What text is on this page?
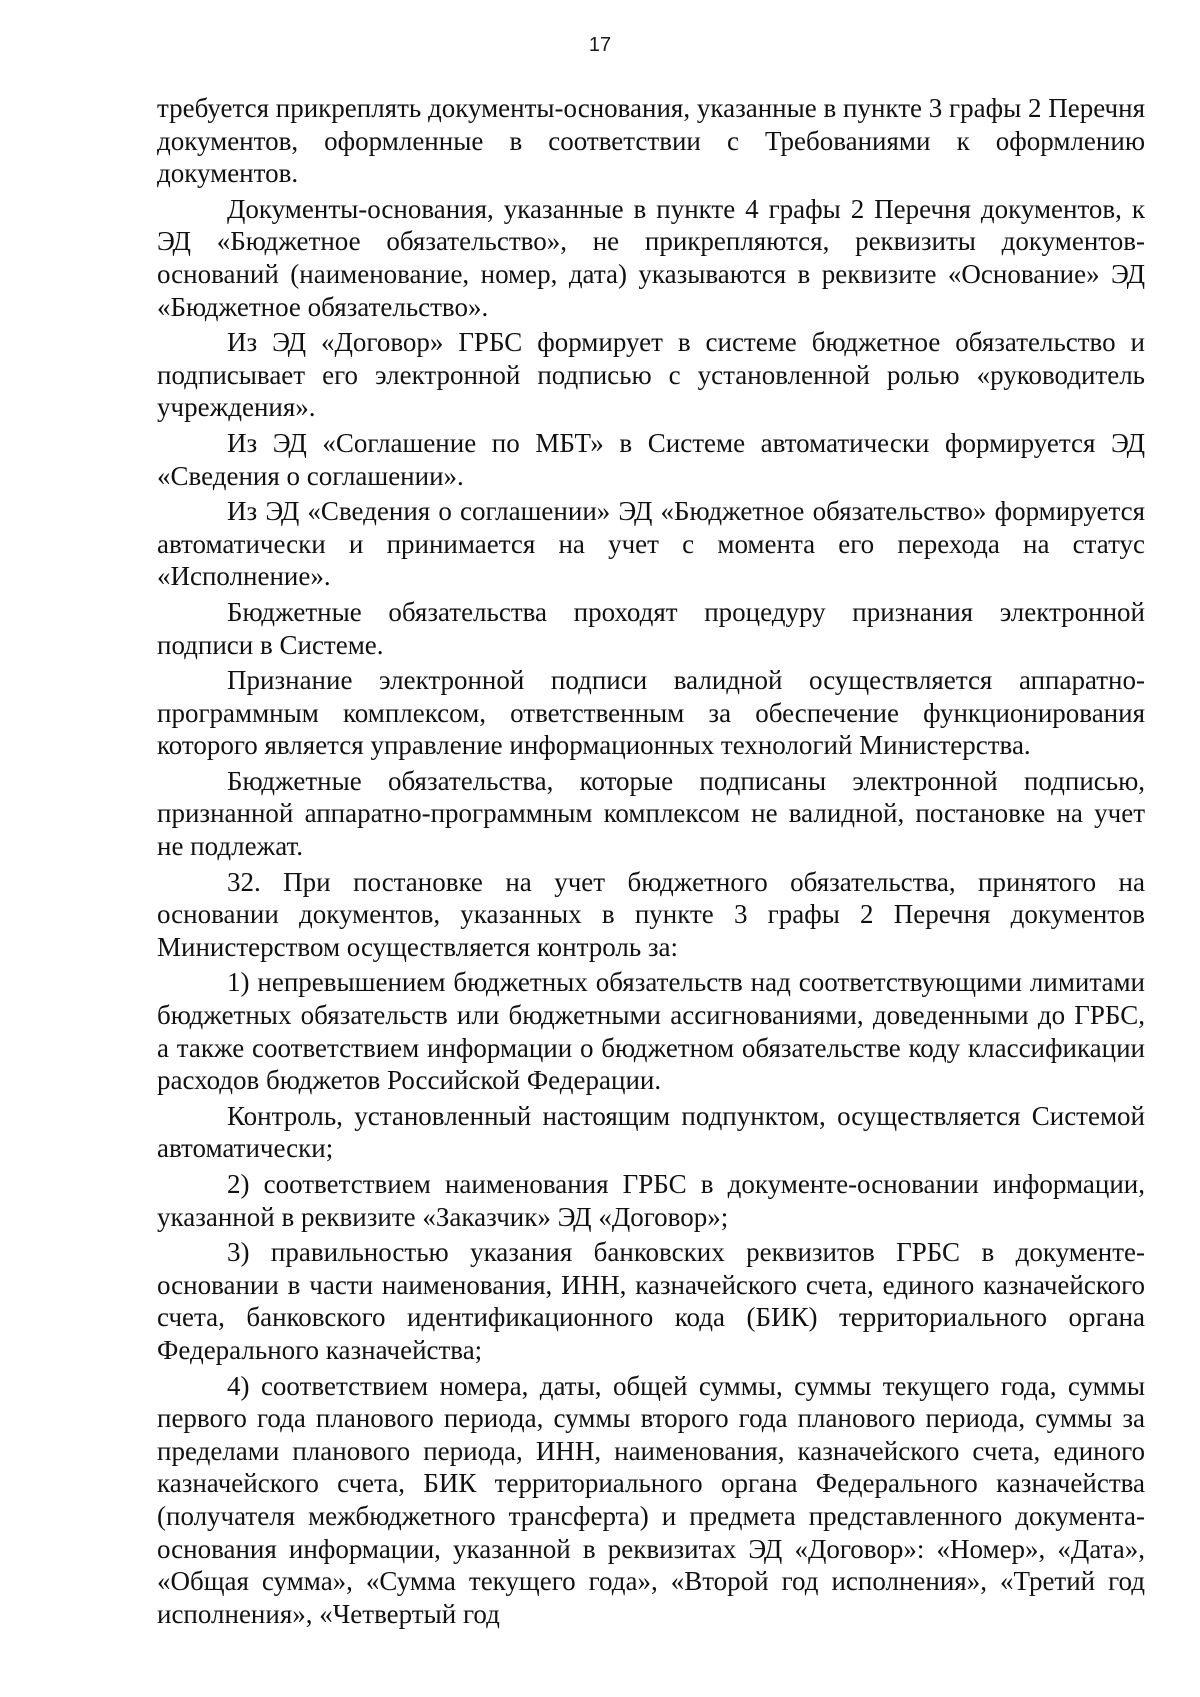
17

требуется прикреплять документы-основания, указанные в пункте 3 графы 2 Перечня документов, оформленные в соответствии с Требованиями к оформлению документов.

Документы-основания, указанные в пункте 4 графы 2 Перечня документов, к ЭД «Бюджетное обязательство», не прикрепляются, реквизиты документов-оснований (наименование, номер, дата) указываются в реквизите «Основание» ЭД «Бюджетное обязательство».

Из ЭД «Договор» ГРБС формирует в системе бюджетное обязательство и подписывает его электронной подписью с установленной ролью «руководитель учреждения».

Из ЭД «Соглашение по МБТ» в Системе автоматически формируется ЭД «Сведения о соглашении».

Из ЭД «Сведения о соглашении» ЭД «Бюджетное обязательство» формируется автоматически и принимается на учет с момента его перехода на статус «Исполнение».

Бюджетные обязательства проходят процедуру признания электронной подписи в Системе.

Признание электронной подписи валидной осуществляется аппаратно-программным комплексом, ответственным за обеспечение функционирования которого является управление информационных технологий Министерства.

Бюджетные обязательства, которые подписаны электронной подписью, признанной аппаратно-программным комплексом не валидной, постановке на учет не подлежат.

32. При постановке на учет бюджетного обязательства, принятого на основании документов, указанных в пункте 3 графы 2 Перечня документов Министерством осуществляется контроль за:

1) непревышением бюджетных обязательств над соответствующими лимитами бюджетных обязательств или бюджетными ассигнованиями, доведенными до ГРБС, а также соответствием информации о бюджетном обязательстве коду классификации расходов бюджетов Российской Федерации.

Контроль, установленный настоящим подпунктом, осуществляется Системой автоматически;

2) соответствием наименования ГРБС в документе-основании информации, указанной в реквизите «Заказчик» ЭД «Договор»;

3) правильностью указания банковских реквизитов ГРБС в документе-основании в части наименования, ИНН, казначейского счета, единого казначейского счета, банковского идентификационного кода (БИК) территориального органа Федерального казначейства;

4) соответствием номера, даты, общей суммы, суммы текущего года, суммы первого года планового периода, суммы второго года планового периода, суммы за пределами планового периода, ИНН, наименования, казначейского счета, единого казначейского счета, БИК территориального органа Федерального казначейства (получателя межбюджетного трансферта) и предмета представленного документа-основания информации, указанной в реквизитах ЭД «Договор»: «Номер», «Дата», «Общая сумма», «Сумма текущего года», «Второй год исполнения», «Третий год исполнения», «Четвертый год
